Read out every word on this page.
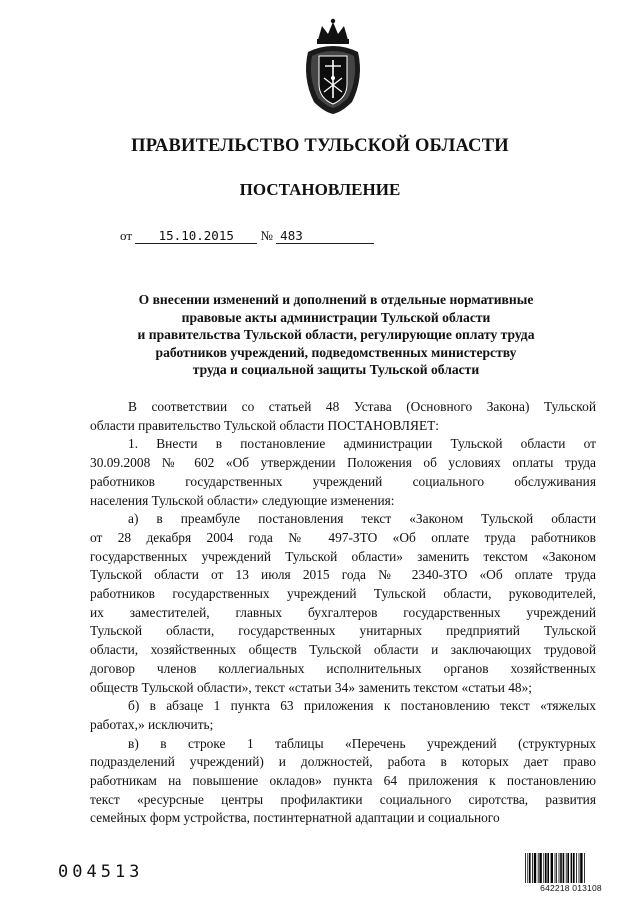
ПРАВИТЕЛЬСТВО ТУЛЬСКОЙ ОБЛАСТИ
ПОСТАНОВЛЕНИЕ
от 15.10.2015 № 483
О внесении изменений и дополнений в отдельные нормативные
правовые акты администрации Тульской области
и правительства Тульской области, регулирующие оплату труда
работников учреждений, подведомственных министерству
труда и социальной защиты Тульской области
В соответствии со статьей 48 Устава (Основного Закона) Тульской
области правительство Тульской области ПОСТАНОВЛЯЕТ:
1. Внести в постановление администрации Тульской области от
30.09.2008 № 602 «Об утверждении Положения об условиях оплаты труда
работников государственных учреждений социального обслуживания
населения Тульской области» следующие изменения:
а) в преамбуле постановления текст «Законом Тульской области
от 28 декабря 2004 года № 497-ЗТО «Об оплате труда работников
государственных учреждений Тульской области» заменить текстом «Законом
Тульской области от 13 июля 2015 года № 2340-ЗТО «Об оплате труда
работников государственных учреждений Тульской области, руководителей,
их заместителей, главных бухгалтеров государственных учреждений
Тульской области, государственных унитарных предприятий Тульской
области, хозяйственных обществ Тульской области и заключающих трудовой
договор членов коллегиальных исполнительных органов хозяйственных
обществ Тульской области», текст «статьи 34» заменить текстом «статьи 48»;
б) в абзаце 1 пункта 63 приложения к постановлению текст «тяжелых
работах,» исключить;
в) в строке 1 таблицы «Перечень учреждений (структурных
подразделений учреждений) и должностей, работа в которых дает право
работникам на повышение окладов» пункта 64 приложения к постановлению
текст «ресурсные центры профилактики социального сиротства, развития
семейных форм устройства, постинтернатной адаптации и социального
004513
642218 013108
